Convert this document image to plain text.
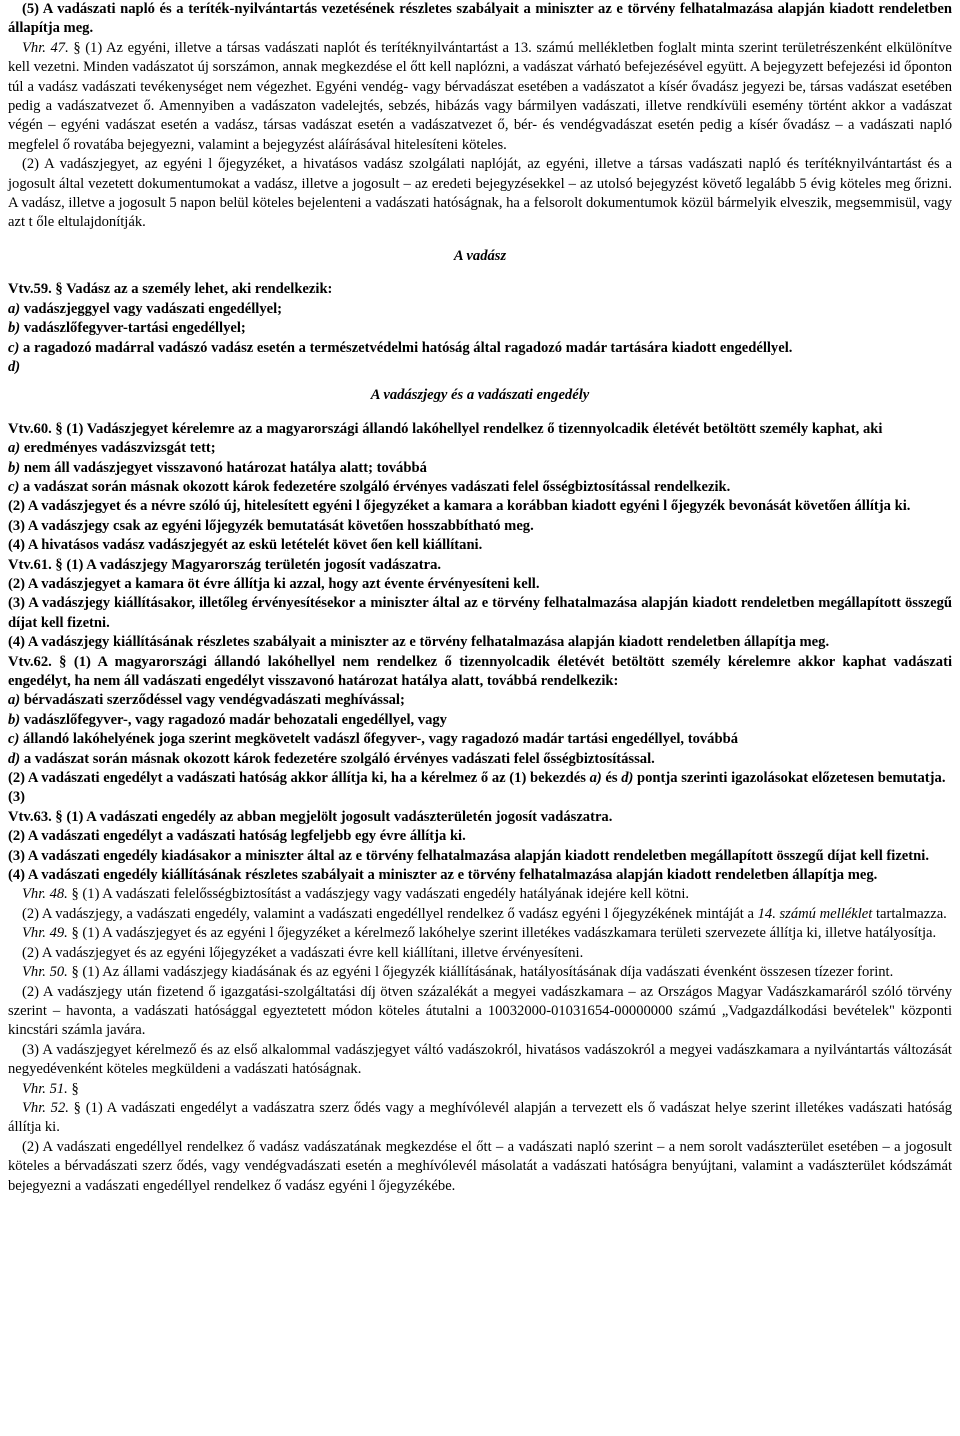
(5) A vadászati napló és a teríték-nyilvántartás vezetésének részletes szabályait a miniszter az e törvény felhatalmazása alapján kiadott rendeletben állapítja meg.

Vhr. 47. § (1) Az egyéni, illetve a társas vadászati naplót és terítéknyilvántartást a 13. számú mellékletben foglalt minta szerint területrészenként elkülönítve kell vezetni. Minden vadászatot új sorszámon, annak megkezdése el őtt kell naplózni, a vadászat várható befejezésével együtt. A bejegyzett befejezési id őponton túl a vadász vadászati tevékenységet nem végezhet. Egyéni vendég- vagy bérvadászat esetében a vadászatot a kísér ővadász jegyezi be, társas vadászat esetében pedig a vadászatvezet ő. Amennyiben a vadászaton vadelejtés, sebzés, hibázás vagy bármilyen vadászati, illetve rendkívüli esemény történt akkor a vadászat végén – egyéni vadászat esetén a vadász, társas vadászat esetén a vadászatvezet ő, bér- és vendégvadászat esetén pedig a kísér ővadász – a vadászati napló megfelel ő rovatába bejegyezni, valamint a bejegyzést aláírásával hitelesíteni köteles.

(2) A vadászjegyet, az egyéni l őjegyzéket, a hivatásos vadász szolgálati naplóját, az egyéni, illetve a társas vadászati napló és terítéknyilvántartást és a jogosult által vezetett dokumentumokat a vadász, illetve a jogosult – az eredeti bejegyzésekkel – az utolsó bejegyzést követő legalább 5 évig köteles meg őrizni. A vadász, illetve a jogosult 5 napon belül köteles bejelenteni a vadászati hatóságnak, ha a felsorolt dokumentumok közül bármelyik elveszik, megsemmisül, vagy azt t őle eltulajdonítják.

A vadász

Vtv.59. § Vadász az a személy lehet, aki rendelkezik:

a) vadászjeggyel vagy vadászati engedéllyel;

b) vadászlőfegyver-tartási engedéllyel;

c) a ragadozó madárral vadászó vadász esetén a természetvédelmi hatóság által ragadozó madár tartására kiadott engedéllyel.

d)

A vadászjegy és a vadászati engedély

Vtv.60. § (1) Vadászjegyet kérelemre az a magyarországi állandó lakóhellyel rendelkez ő tizennyolcadik életévét betöltött személy kaphat, aki

a) eredményes vadászvizsgát tett;

b) nem áll vadászjegyet visszavonó határozat hatálya alatt; továbbá

c) a vadászat során másnak okozott károk fedezetére szolgáló érvényes vadászati felel ősségbiztosítással rendelkezik.

(2) A vadászjegyet és a névre szóló új, hitelesített egyéni l őjegyzéket a kamara a korábban kiadott egyéni l őjegyzék bevonását követően állítja ki.

(3) A vadászjegy csak az egyéni lőjegyzék bemutatását követően hosszabbítható meg.

(4) A hivatásos vadász vadászjegyét az eskü letételét követ ően kell kiállítani.

Vtv.61. § (1) A vadászjegy Magyarország területén jogosít vadászatra.

(2) A vadászjegyet a kamara öt évre állítja ki azzal, hogy azt évente érvényesíteni kell.

(3) A vadászjegy kiállításakor, illetőleg érvényesítésekor a miniszter által az e törvény felhatalmazása alapján kiadott rendeletben megállapított összegű díjat kell fizetni.

(4) A vadászjegy kiállításának részletes szabályait a miniszter az e törvény felhatalmazása alapján kiadott rendeletben állapítja meg.

Vtv.62. § (1) A magyarországi állandó lakóhellyel nem rendelkez ő tizennyolcadik életévét betöltött személy kérelemre akkor kaphat vadászati engedélyt, ha nem áll vadászati engedélyt visszavonó határozat hatálya alatt, továbbá rendelkezik:

a) bérvadászati szerződéssel vagy vendégvadászati meghívással;

b) vadászlőfegyver-, vagy ragadozó madár behozatali engedéllyel, vagy

c) állandó lakóhelyének joga szerint megkövetelt vadászl őfegyver-, vagy ragadozó madár tartási engedéllyel, továbbá

d) a vadászat során másnak okozott károk fedezetére szolgáló érvényes vadászati felel ősségbiztosítással.

(2) A vadászati engedélyt a vadászati hatóság akkor állítja ki, ha a kérelmez ő az (1) bekezdés a) és d) pontja szerinti igazolásokat előzetesen bemutatja.

(3)

Vtv.63. § (1) A vadászati engedély az abban megjelölt jogosult vadászterületén jogosít vadászatra.

(2) A vadászati engedélyt a vadászati hatóság legfeljebb egy évre állítja ki.

(3) A vadászati engedély kiadásakor a miniszter által az e törvény felhatalmazása alapján kiadott rendeletben megállapított összegű díjat kell fizetni.

(4) A vadászati engedély kiállításának részletes szabályait a miniszter az e törvény felhatalmazása alapján kiadott rendeletben állapítja meg.

Vhr. 48. § (1) A vadászati felelősségbiztosítást a vadászjegy vagy vadászati engedély hatályának idejére kell kötni.

(2) A vadászjegy, a vadászati engedély, valamint a vadászati engedéllyel rendelkez ő vadász egyéni l őjegyzékének mintáját a 14. számú melléklet tartalmazza.

Vhr. 49. § (1) A vadászjegyet és az egyéni l őjegyzéket a kérelmező lakóhelye szerint illetékes vadászkamara területi szervezete állítja ki, illetve hatályosítja.

(2) A vadászjegyet és az egyéni lőjegyzéket a vadászati évre kell kiállítani, illetve érvényesíteni.

Vhr. 50. § (1) Az állami vadászjegy kiadásának és az egyéni l őjegyzék kiállításának, hatályosításának díja vadászati évenként összesen tízezer forint.

(2) A vadászjegy után fizetend ő igazgatási-szolgáltatási díj ötven százalékát a megyei vadászkamara – az Országos Magyar Vadászkamaráról szóló törvény szerint – havonta, a vadászati hatósággal egyeztetett módon köteles átutalni a 10032000-01031654-00000000 számú „Vadgazdálkodási bevételek" központi kincstári számla javára.

(3) A vadászjegyet kérelmező és az első alkalommal vadászjegyet váltó vadászokról, hivatásos vadászokról a megyei vadászkamara a nyilvántartás változását negyedévenként köteles megküldeni a vadászati hatóságnak.

Vhr. 51. §

Vhr. 52. § (1) A vadászati engedélyt a vadászatra szerz ődés vagy a meghívólevél alapján a tervezett els ő vadászat helye szerint illetékes vadászati hatóság állítja ki.

(2) A vadászati engedéllyel rendelkez ő vadász vadászatának megkezdése el őtt – a vadászati napló szerint – a nem sorolt vadászterület esetében – a jogosult köteles a bérvadászati szerz ődés, vagy vendégvadászati esetén a meghívólevél másolatát a vadászati hatóságra benyújtani, valamint a vadászterület kódszámát bejegyezni a vadászati engedéllyel rendelkez ő vadász egyéni l őjegyzékébe.
